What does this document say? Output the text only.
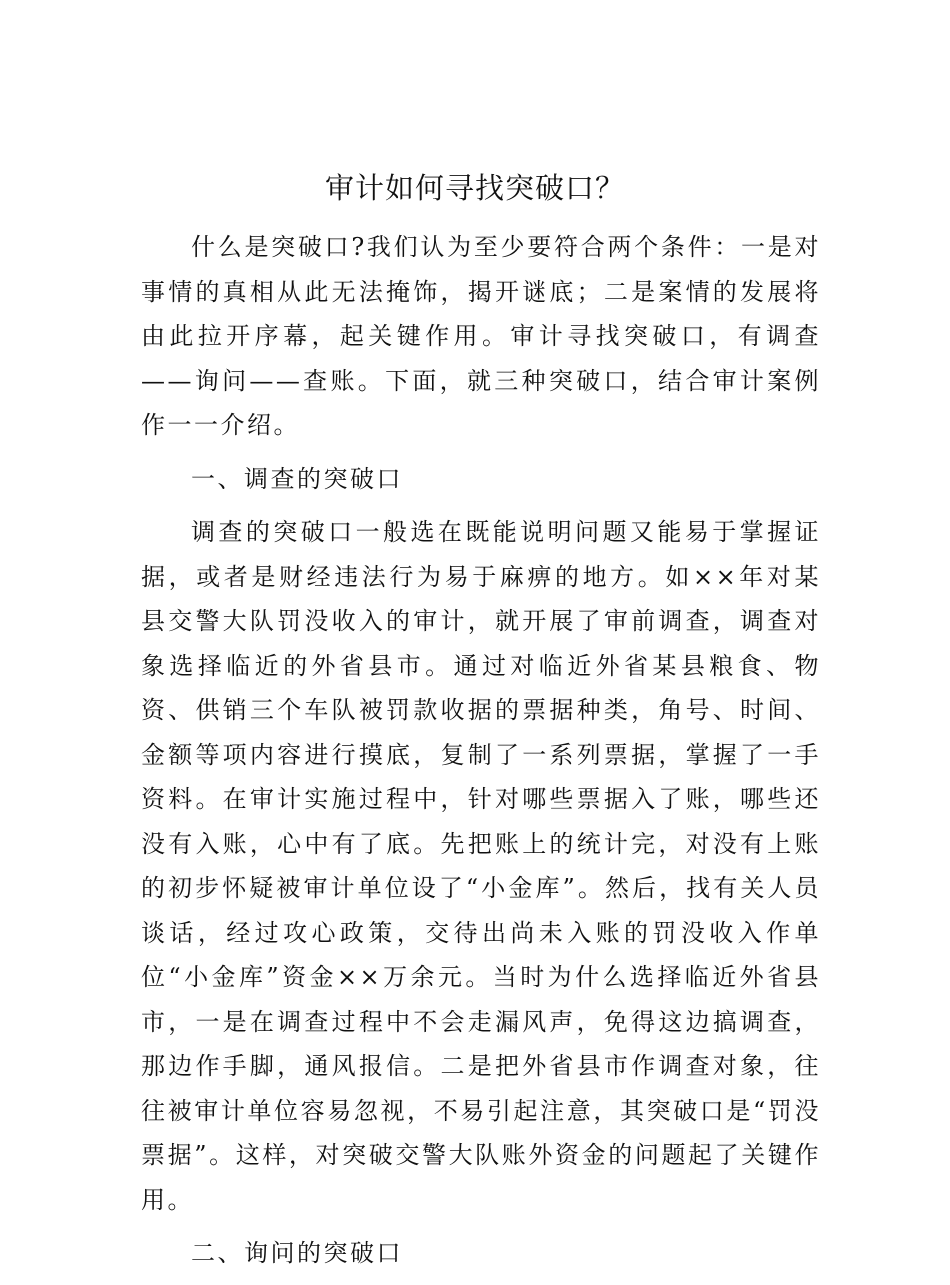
审计如何寻找突破口？

什么是突破口?我们认为至少要符合两个条件：一是对事情的真相从此无法掩饰，揭开谜底；二是案情的发展将由此拉开序幕，起关键作用。审计寻找突破口，有调查——询问——查账。下面，就三种突破口，结合审计案例作一一介绍。

一、调查的突破口

调查的突破口一般选在既能说明问题又能易于掌握证据，或者是财经违法行为易于麻痹的地方。如××年对某县交警大队罚没收入的审计，就开展了审前调查，调查对象选择临近的外省县市。通过对临近外省某县粮食、物资、供销三个车队被罚款收据的票据种类，角号、时间、金额等项内容进行摸底，复制了一系列票据，掌握了一手资料。在审计实施过程中，针对哪些票据入了账，哪些还没有入账，心中有了底。先把账上的统计完，对没有上账的初步怀疑被审计单位设了“小金库”。然后，找有关人员谈话，经过攻心政策，交待出尚未入账的罚没收入作单位“小金库”资金××万余元。当时为什么选择临近外省县市，一是在调查过程中不会走漏风声，免得这边搞调查，那边作手脚，通风报信。二是把外省县市作调查对象，往往被审计单位容易忽视，不易引起注意，其突破口是“罚没票据”。这样，对突破交警大队账外资金的问题起了关键作用。

二、询问的突破口
